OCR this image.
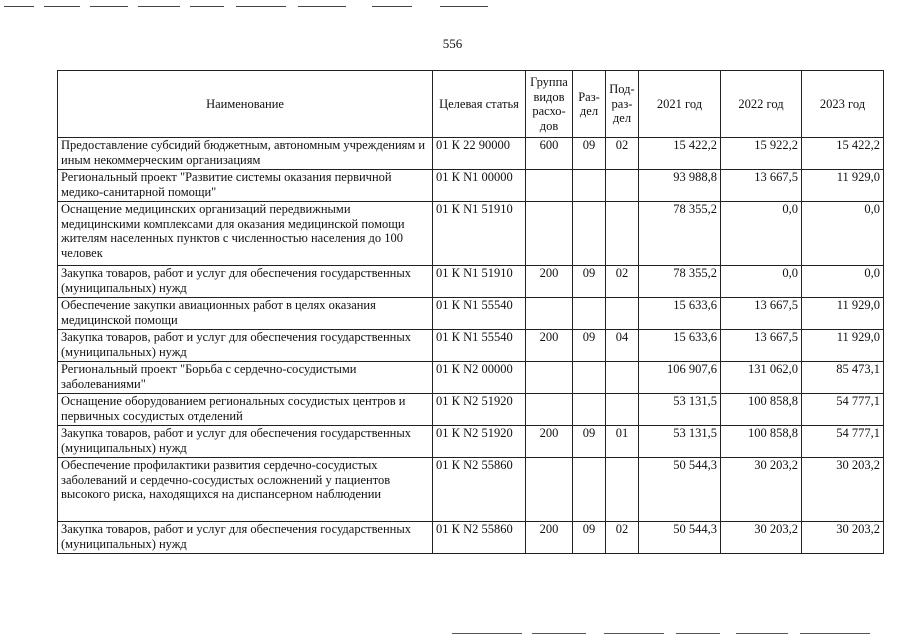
556
Наименование	Целевая статья	Группа видов расхо-дов	Раз-дел	Под-раз-дел	2021 год	2022 год	2023 год
Предоставление субсидий бюджетным, автономным учреждениям и иным некоммерческим организациям	01 К 22 90000	600	09	02	15 422,2	15 922,2	15 422,2
Региональный проект "Развитие системы оказания первичной медико-санитарной помощи"	01 К N1 00000				93 988,8	13 667,5	11 929,0
Оснащение медицинских организаций передвижными медицинскими комплексами для оказания медицинской помощи жителям населенных пунктов с численностью населения до 100 человек	01 К N1 51910				78 355,2	0,0	0,0
Закупка товаров, работ и услуг для обеспечения государственных (муниципальных) нужд	01 К N1 51910	200	09	02	78 355,2	0,0	0,0
Обеспечение закупки авиационных работ в целях оказания медицинской помощи	01 К N1 55540				15 633,6	13 667,5	11 929,0
Закупка товаров, работ и услуг для обеспечения государственных (муниципальных) нужд	01 К N1 55540	200	09	04	15 633,6	13 667,5	11 929,0
Региональный проект "Борьба с сердечно-сосудистыми заболеваниями"	01 К N2 00000				106 907,6	131 062,0	85 473,1
Оснащение оборудованием региональных сосудистых центров и первичных сосудистых отделений	01 К N2 51920				53 131,5	100 858,8	54 777,1
Закупка товаров, работ и услуг для обеспечения государственных (муниципальных) нужд	01 К N2 51920	200	09	01	53 131,5	100 858,8	54 777,1
Обеспечение профилактики развития сердечно-сосудистых заболеваний и сердечно-сосудистых осложнений у пациентов высокого риска, находящихся на диспансерном наблюдении	01 К N2 55860				50 544,3	30 203,2	30 203,2
Закупка товаров, работ и услуг для обеспечения государственных (муниципальных) нужд	01 К N2 55860	200	09	02	50 544,3	30 203,2	30 203,2
